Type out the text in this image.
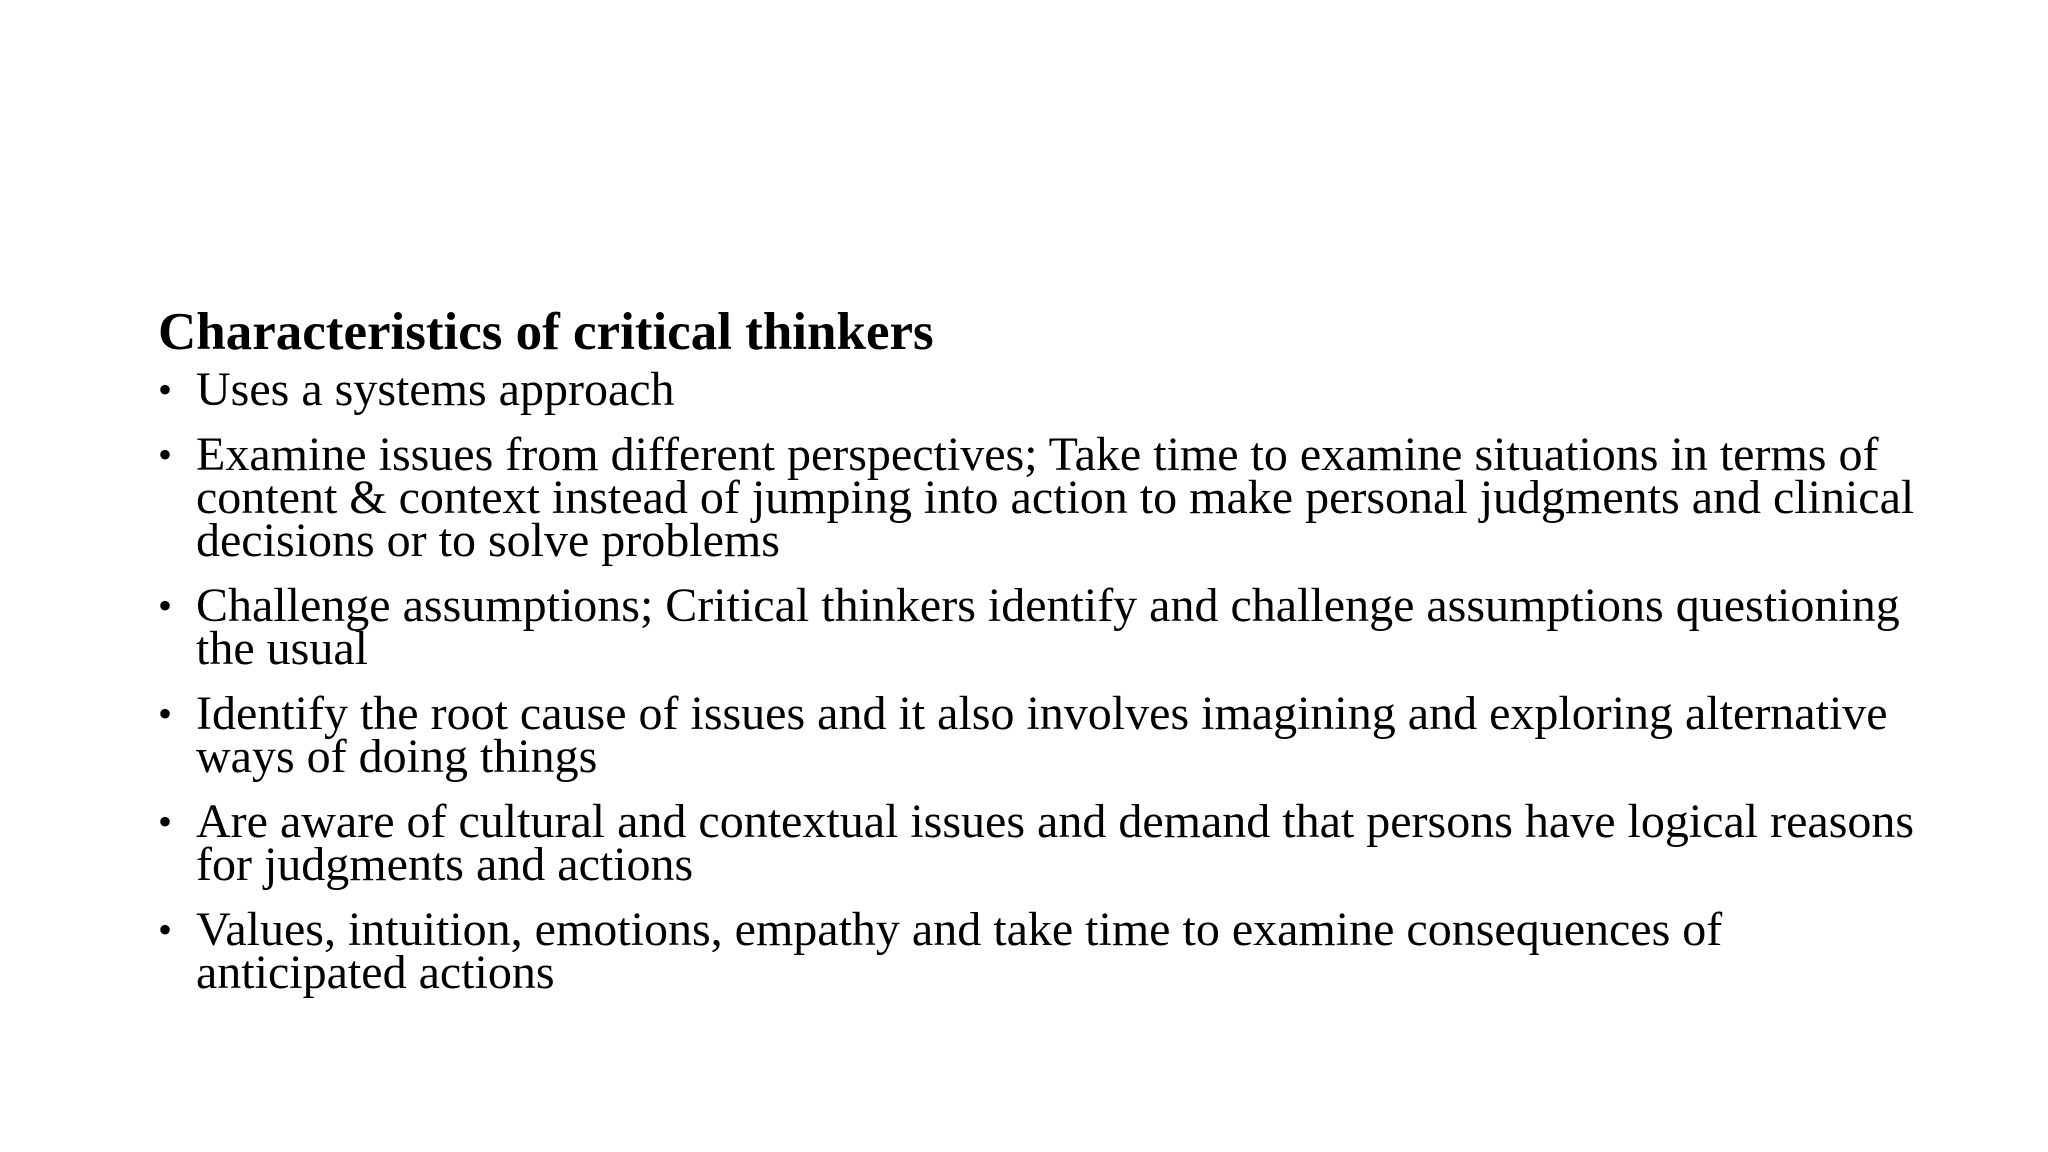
Characteristics of critical thinkers
• Uses a systems approach
• Examine issues from different perspectives; Take time to examine situations in terms of content & context instead of jumping into action to make personal judgments and clinical decisions or to solve problems
• Challenge assumptions; Critical thinkers identify and challenge assumptions questioning the usual
• Identify the root cause of issues and it also involves imagining and exploring alternative ways of doing things
• Are aware of cultural and contextual issues and demand that persons have logical reasons for judgments and actions
• Values, intuition, emotions, empathy and take time to examine consequences of anticipated actions
